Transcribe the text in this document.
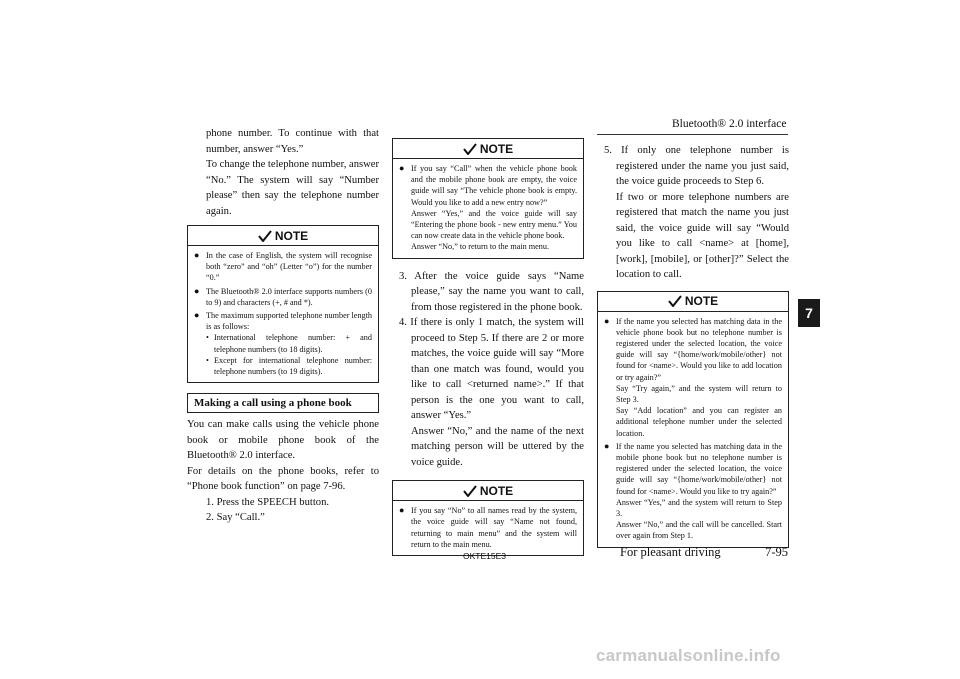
Bluetooth® 2.0 interface
7

phone number. To continue with that number, answer “Yes.”

To change the telephone number, answer “No.” The system will say “Number please” then say the telephone number again.

NOTE
● In the case of English, the system will recognise both “zero” and “oh” (Letter “o”) for the number “0.”
● The Bluetooth® 2.0 interface supports numbers (0 to 9) and characters (+, # and *).
● The maximum supported telephone number length is as follows:
• International telephone number: + and telephone numbers (to 18 digits).
• Except for international telephone number: telephone numbers (to 19 digits).
Making a call using a phone book

You can make calls using the vehicle phone book or mobile phone book of the Bluetooth® 2.0 interface.

For details on the phone books, refer to “Phone book function” on page 7-96.

1. Press the SPEECH button.
2. Say “Call.”
NOTE
● If you say “Call” when the vehicle phone book and the mobile phone book are empty, the voice guide will say “The vehicle phone book is empty. Would you like to add a new entry now?”
Answer “Yes,” and the voice guide will say “Entering the phone book - new entry menu.” You can now create data in the vehicle phone book.
Answer “No,” to return to the main menu.
3. After the voice guide says “Name please,” say the name you want to call, from those registered in the phone book.
4. If there is only 1 match, the system will proceed to Step 5. If there are 2 or more matches, the voice guide will say “More than one match was found, would you like to call <returned name>.” If that person is the one you want to call, answer “Yes.”
Answer “No,” and the name of the next matching person will be uttered by the voice guide.
NOTE
● If you say “No” to all names read by the system, the voice guide will say “Name not found, returning to main menu” and the system will return to the main menu.
OKTE15E3
5. If only one telephone number is registered under the name you just said, the voice guide proceeds to Step 6.
If two or more telephone numbers are registered that match the name you just said, the voice guide will say “Would you like to call <name> at [home], [work], [mobile], or [other]?” Select the location to call.
NOTE
● If the name you selected has matching data in the vehicle phone book but no telephone number is registered under the selected location, the voice guide will say “{home/work/mobile/other} not found for <name>. Would you like to add location or try again?”
Say “Try again,” and the system will return to Step 3.
Say “Add location” and you can register an additional telephone number under the selected location.
● If the name you selected has matching data in the mobile phone book but no telephone number is registered under the selected location, the voice guide will say “{home/work/mobile/other} not found for <name>. Would you like to try again?”
Answer “Yes,” and the system will return to Step 3.
Answer “No,” and the call will be cancelled. Start over again from Step 1.
For pleasant driving	7-95
carmanualsonline.info
